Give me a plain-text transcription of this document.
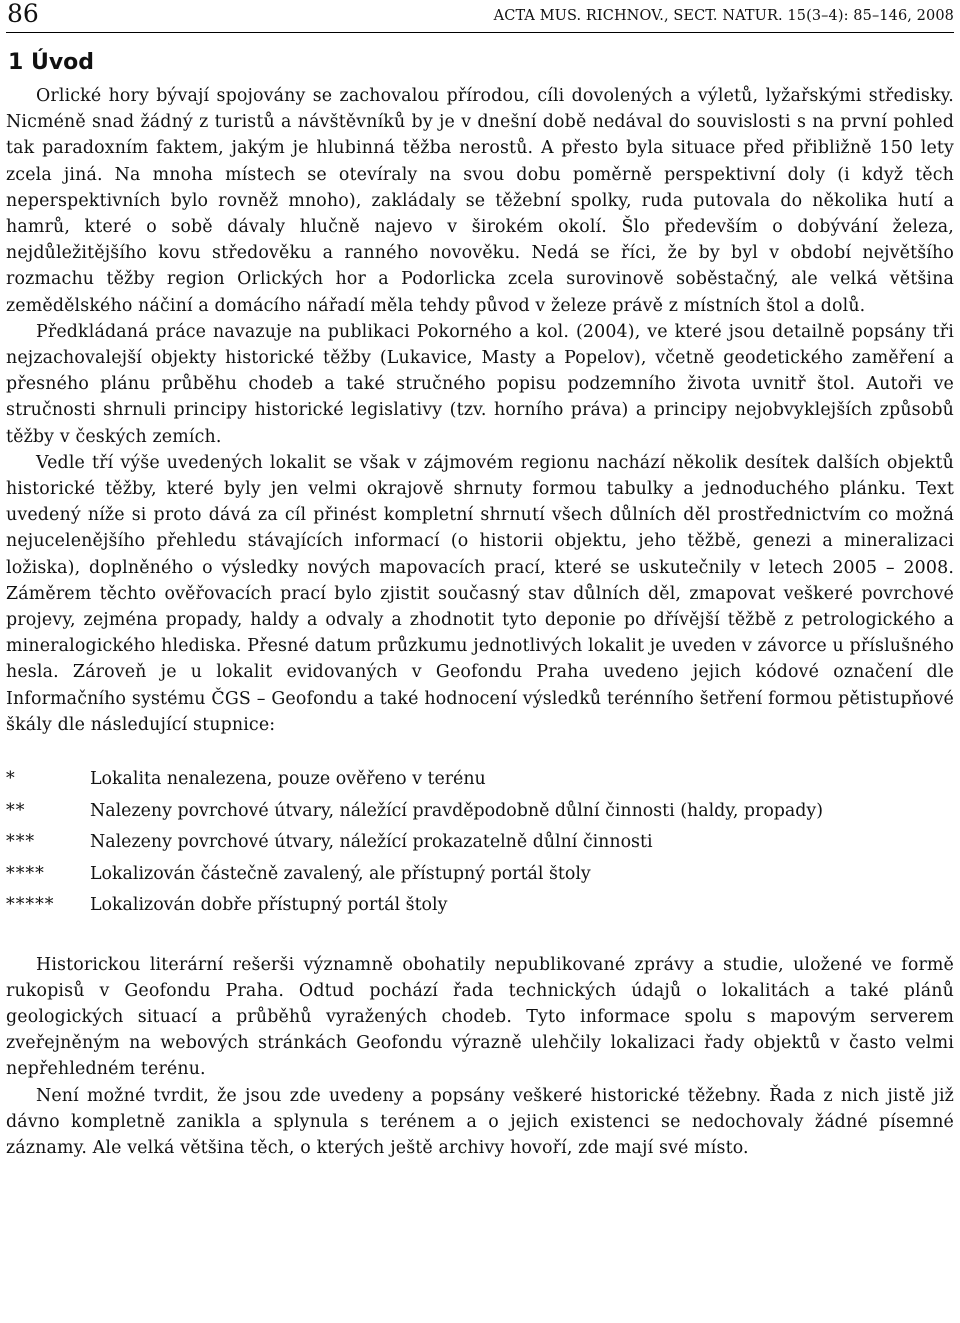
86	ACTA MUS. RICHNOV., SECT. NATUR. 15(3–4): 85–146, 2008
1 Úvod

Orlické hory bývají spojovány se zachovalou přírodou, cíli dovolených a výletů, lyžařskými středisky. Nicméně snad žádný z turistů a návštěvníků by je v dnešní době nedával do souvislosti s na první pohled tak paradoxním faktem, jakým je hlubinná těžba nerostů. A přesto byla situace před přibližně 150 lety zcela jiná. Na mnoha místech se otevíraly na svou dobu poměrně perspektivní doly (i když těch neperspektivních bylo rovněž mnoho), zakládaly se těžební spolky, ruda putovala do několika hutí a hamrů, které o sobě dávaly hlučně najevo v širokém okolí. Šlo především o dobývání železa, nejdůležitějšího kovu středověku a ranného novověku. Nedá se říci, že by byl v období největšího rozmachu těžby region Orlických hor a Podorlicka zcela surovinově soběstačný, ale velká většina zemědělského náčiní a domácího nářadí měla tehdy původ v železe právě z místních štol a dolů.

Předkládaná práce navazuje na publikaci Pokorného a kol. (2004), ve které jsou detailně popsány tři nejzachovalejší objekty historické těžby (Lukavice, Masty a Popelov), včetně geodetického zaměření a přesného plánu průběhu chodeb a také stručného popisu podzemního života uvnitř štol. Autoři ve stručnosti shrnuli principy historické legislativy (tzv. horního práva) a principy nejobvyklejších způsobů těžby v českých zemích.

Vedle tří výše uvedených lokalit se však v zájmovém regionu nachází několik desítek dalších objektů historické těžby, které byly jen velmi okrajově shrnuty formou tabulky a jednoduchého plánku. Text uvedený níže si proto dává za cíl přinést kompletní shrnutí všech důlních děl prostřednictvím co možná nejucelenějšího přehledu stávajících informací (o historii objektu, jeho těžbě, genezi a mineralizaci ložiska), doplněného o výsledky nových mapovacích prací, které se uskutečnily v letech 2005 – 2008. Záměrem těchto ověřovacích prací bylo zjistit současný stav důlních děl, zmapovat veškeré povrchové projevy, zejména propady, haldy a odvaly a zhodnotit tyto deponie po dřívější těžbě z petrologického a mineralogického hlediska. Přesné datum průzkumu jednotlivých lokalit je uveden v závorce u příslušného hesla. Zároveň je u lokalit evidovaných v Geofondu Praha uvedeno jejich kódové označení dle Informačního systému ČGS – Geofondu a také hodnocení výsledků terénního šetření formou pětistupňové škály dle následující stupnice:

*	Lokalita nenalezena, pouze ověřeno v terénu
**	Nalezeny povrchové útvary, náležící pravděpodobně důlní činnosti (haldy, propady)
***	Nalezeny povrchové útvary, náležící prokazatelně důlní činnosti
****	Lokalizován částečně zavalený, ale přístupný portál štoly
*****	Lokalizován dobře přístupný portál štoly

Historickou literární rešerši významně obohatily nepublikované zprávy a studie, uložené ve formě rukopisů v Geofondu Praha. Odtud pochází řada technických údajů o lokalitách a také plánů geologických situací a průběhů vyražených chodeb. Tyto informace spolu s mapovým serverem zveřejněným na webových stránkách Geofondu výrazně ulehčily lokalizaci řady objektů v často velmi nepřehledném terénu.

Není možné tvrdit, že jsou zde uvedeny a popsány veškeré historické těžebny. Řada z nich jistě již dávno kompletně zanikla a splynula s terénem a o jejich existenci se nedochovaly žádné písemné záznamy. Ale velká většina těch, o kterých ještě archivy hovoří, zde mají své místo.
